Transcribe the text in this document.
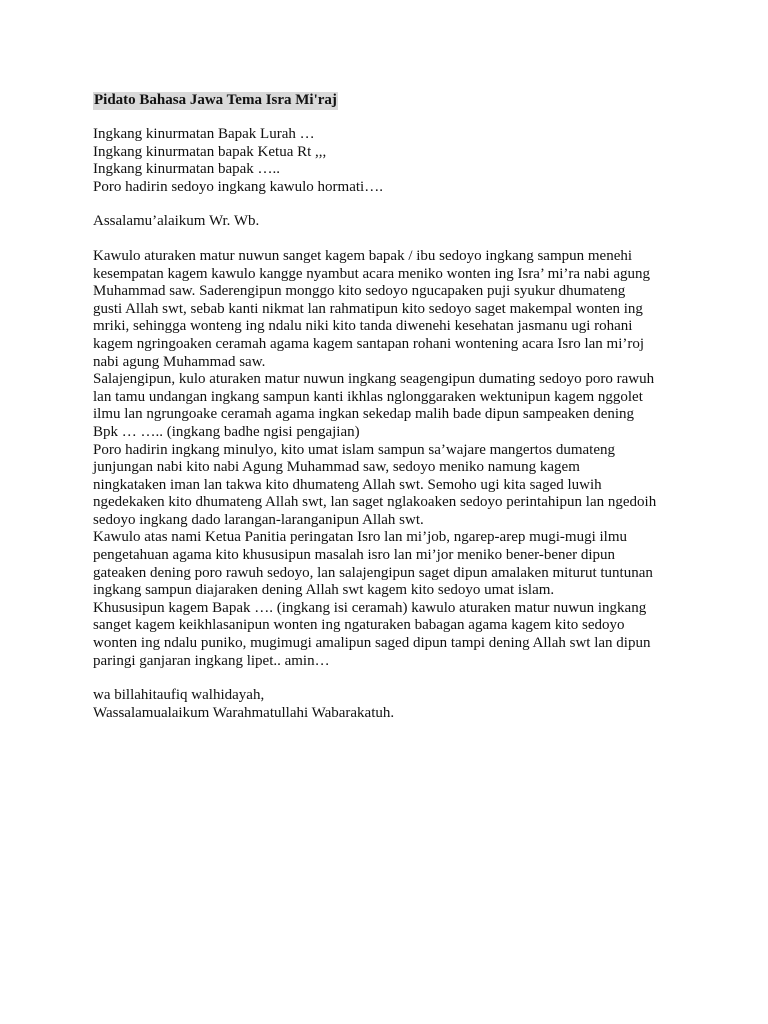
Pidato Bahasa Jawa Tema Isra Mi'raj
Ingkang kinurmatan Bapak Lurah …
Ingkang kinurmatan bapak Ketua Rt ,,,
Ingkang kinurmatan bapak …..
Poro hadirin sedoyo ingkang kawulo hormati….
Assalamu’alaikum Wr. Wb.
Kawulo aturaken matur nuwun sanget kagem bapak / ibu sedoyo ingkang sampun menehi
kesempatan kagem kawulo kangge nyambut acara meniko wonten ing Isra’ mi’ra nabi agung
Muhammad saw. Saderengipun monggo kito sedoyo ngucapaken puji syukur dhumateng
gusti Allah swt, sebab kanti nikmat lan rahmatipun kito sedoyo saget makempal wonten ing
mriki, sehingga wonteng ing ndalu niki kito tanda diwenehi kesehatan jasmanu ugi rohani
kagem ngringoaken ceramah agama kagem santapan rohani wontening acara Isro lan mi’roj
nabi agung Muhammad saw.
Salajengipun, kulo aturaken matur nuwun ingkang seagengipun dumating sedoyo poro rawuh
lan tamu undangan ingkang sampun kanti ikhlas nglonggaraken wektunipun kagem nggolet
ilmu lan ngrungoake ceramah agama ingkan sekedap malih bade dipun sampeaken dening
Bpk … ….. (ingkang badhe ngisi pengajian)
Poro hadirin ingkang minulyo, kito umat islam sampun sa’wajare mangertos dumateng
junjungan nabi kito nabi Agung Muhammad saw, sedoyo meniko namung kagem
ningkataken iman lan takwa kito dhumateng Allah swt. Semoho ugi kita saged luwih
ngedekaken kito dhumateng Allah swt, lan saget nglakoaken sedoyo perintahipun lan ngedoih
sedoyo ingkang dado larangan-laranganipun Allah swt.
Kawulo atas nami Ketua Panitia peringatan Isro lan mi’job, ngarep-arep mugi-mugi ilmu
pengetahuan agama kito khususipun masalah isro lan mi’jor meniko bener-bener dipun
gateaken dening poro rawuh sedoyo, lan salajengipun saget dipun amalaken miturut tuntunan
ingkang sampun diajaraken dening Allah swt kagem kito sedoyo umat islam.
Khususipun kagem Bapak …. (ingkang isi ceramah) kawulo aturaken matur nuwun ingkang
sanget kagem keikhlasanipun wonten ing ngaturaken babagan agama kagem kito sedoyo
wonten ing ndalu puniko, mugimugi amalipun saged dipun tampi dening Allah swt lan dipun
paringi ganjaran ingkang lipet.. amin…
wa billahitaufiq walhidayah,
Wassalamualaikum Warahmatullahi Wabarakatuh.
